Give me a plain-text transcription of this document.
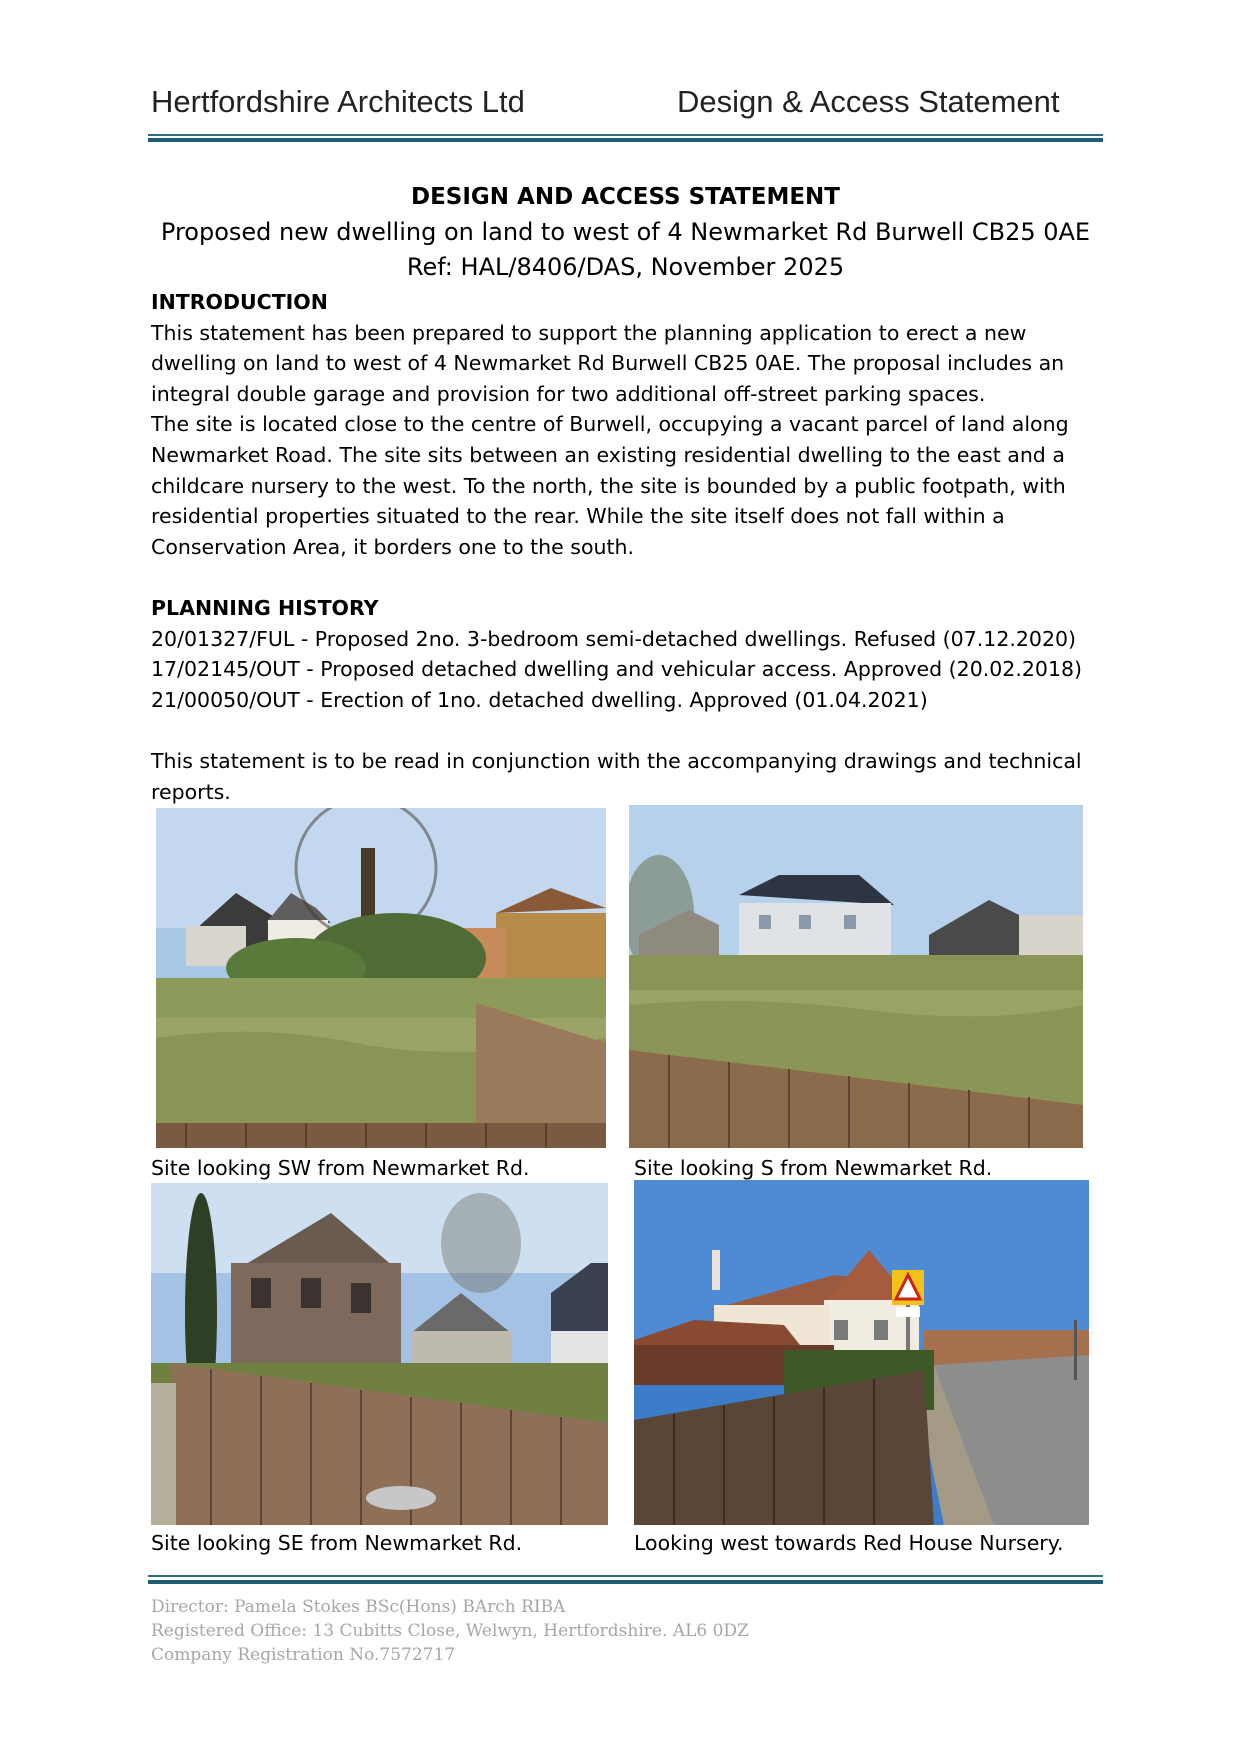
Hertfordshire Architects Ltd	Design & Access Statement
DESIGN AND ACCESS STATEMENT
Proposed new dwelling on land to west of 4 Newmarket Rd Burwell CB25 0AE
Ref: HAL/8406/DAS, November 2025

INTRODUCTION

This statement has been prepared to support the planning application to erect a new dwelling on land to west of 4 Newmarket Rd Burwell CB25 0AE. The proposal includes an integral double garage and provision for two additional off-street parking spaces.

The site is located close to the centre of Burwell, occupying a vacant parcel of land along Newmarket Road. The site sits between an existing residential dwelling to the east and a childcare nursery to the west. To the north, the site is bounded by a public footpath, with residential properties situated to the rear. While the site itself does not fall within a Conservation Area, it borders one to the south.

PLANNING HISTORY

20/01327/FUL - Proposed 2no. 3-bedroom semi-detached dwellings. Refused (07.12.2020)

17/02145/OUT - Proposed detached dwelling and vehicular access. Approved (20.02.2018)

21/00050/OUT - Erection of 1no. detached dwelling. Approved (01.04.2021)

This statement is to be read in conjunction with the accompanying drawings and technical reports.

Site looking SW from Newmarket Rd.	Site looking S from Newmarket Rd.
Site looking SE from Newmarket Rd.	Looking west towards Red House Nursery.
Director: Pamela Stokes BSc(Hons) BArch RIBA
Registered Office: 13 Cubitts Close, Welwyn, Hertfordshire. AL6 0DZ
Company Registration No.7572717
